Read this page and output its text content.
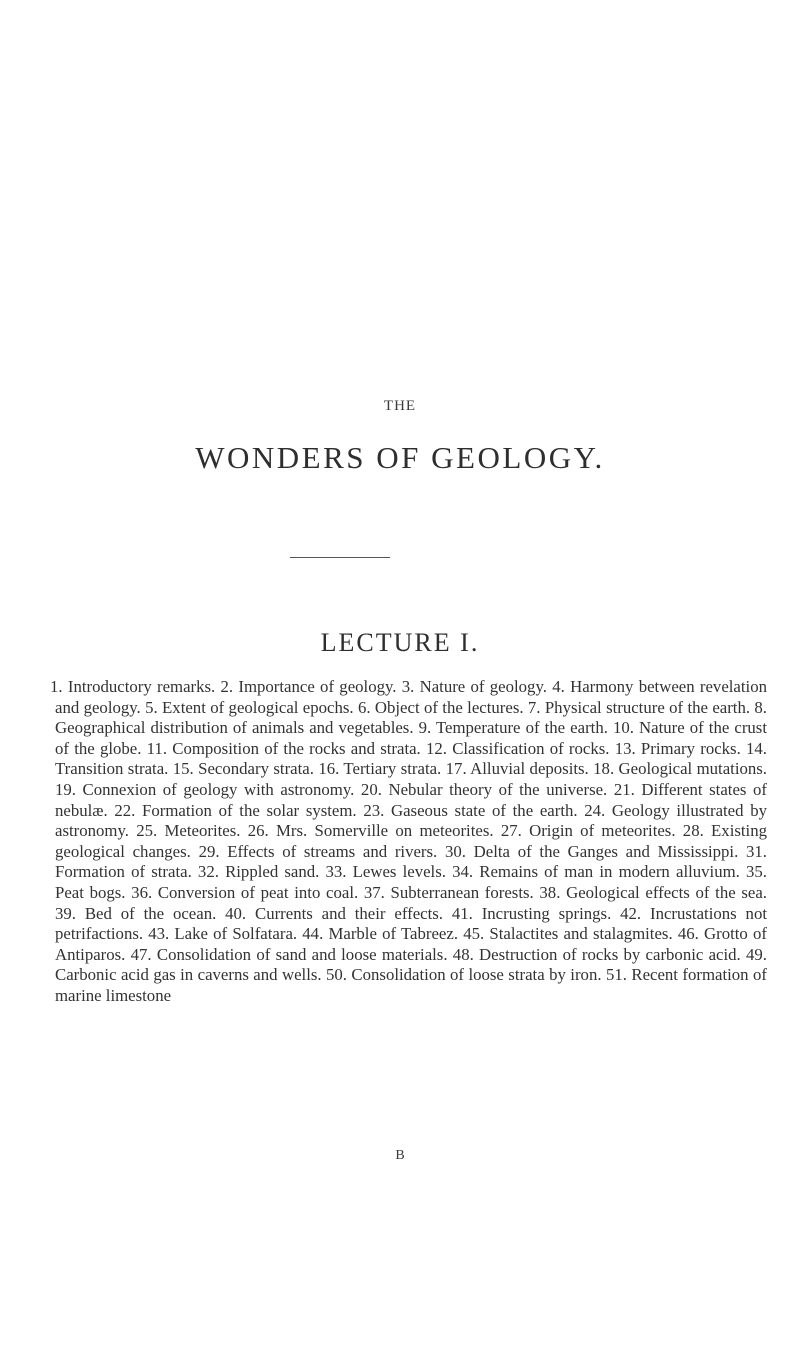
THE
WONDERS OF GEOLOGY.
LECTURE I.

1. Introductory remarks. 2. Importance of geology. 3. Nature of geology. 4. Harmony between revelation and geology. 5. Extent of geological epochs. 6. Object of the lectures. 7. Physical structure of the earth. 8. Geographical distribution of animals and vegetables. 9. Temperature of the earth. 10. Nature of the crust of the globe. 11. Composition of the rocks and strata. 12. Classification of rocks. 13. Primary rocks. 14. Transition strata. 15. Secondary strata. 16. Tertiary strata. 17. Alluvial deposits. 18. Geological mutations. 19. Connexion of geology with astronomy. 20. Nebular theory of the universe. 21. Different states of nebulæ. 22. Formation of the solar system. 23. Gaseous state of the earth. 24. Geology illustrated by astronomy. 25. Meteorites. 26. Mrs. Somerville on meteorites. 27. Origin of meteorites. 28. Existing geological changes. 29. Effects of streams and rivers. 30. Delta of the Ganges and Mississippi. 31. Formation of strata. 32. Rippled sand. 33. Lewes levels. 34. Remains of man in modern alluvium. 35. Peat bogs. 36. Conversion of peat into coal. 37. Subterranean forests. 38. Geological effects of the sea. 39. Bed of the ocean. 40. Currents and their effects. 41. Incrusting springs. 42. Incrustations not petrifactions. 43. Lake of Solfatara. 44. Marble of Tabreez. 45. Stalactites and stalagmites. 46. Grotto of Antiparos. 47. Consolidation of sand and loose materials. 48. Destruction of rocks by carbonic acid. 49. Carbonic acid gas in caverns and wells. 50. Consolidation of loose strata by iron. 51. Recent formation of marine limestone

B
